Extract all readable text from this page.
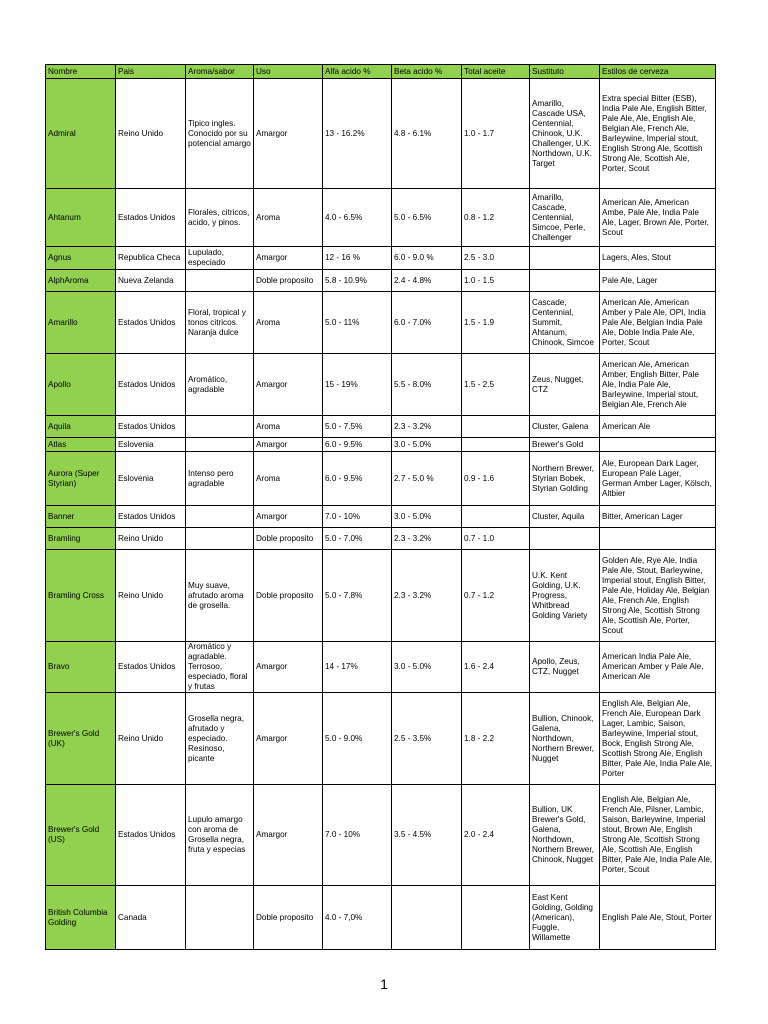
Nombre	Pais	Aroma/sabor	Uso	Alfa acido %	Beta acido %	Total aceite	Sustituto	Estilos de cerveza
Admiral	Reino Unido	Tipico ingles. Conocido por su potencial amargo	Amargor	13 - 16.2%	4.8 - 6.1%	1.0 - 1.7	Amarillo, Cascade USA, Centennial, Chinook, U.K. Challenger, U.K. Northdown, U.K. Target	Extra special Bitter (ESB), India Pale Ale, English Bitter, Pale Ale, Ale, English Ale, Belgian Ale, French Ale, Barleywine, Imperial stout, English Strong Ale, Scottish Strong Ale, Scottish Ale, Porter, Scout
Ahtanum	Estados Unidos	Florales, citricos, acido, y pinos.	Aroma	4.0 - 6.5%	5.0 - 6.5%	0.8 - 1.2	Amarillo, Cascade, Centennial, Simcoe, Perle, Challenger	American Ale, American Ambe, Pale Ale, India Pale Ale, Lager, Brown Ale, Porter, Scout
Agnus	Republica Checa	Lupulado, especiado	Amargor	12 - 16 %	6.0 - 9.0 %	2.5 - 3.0		Lagers, Ales, Stout
AlphAroma	Nueva Zelanda		Doble proposito	5.8 - 10.9%	2.4 - 4.8%	1.0 - 1.5		Pale Ale, Lager
Amarillo	Estados Unidos	Floral, tropical y tonos citricos. Naranja dulce	Aroma	5.0 - 11%	6.0 - 7.0%	1.5 - 1.9	Cascade, Centennial, Summit, Ahtanum, Chinook, Simcoe	American Ale, American Amber y Pale Ale, OPI, India Pale Ale, Belgian India Pale Ale, Doble India Pale Ale, Porter, Scout
Apollo	Estados Unidos	Aromático, agradable	Amargor	15 - 19%	5.5 - 8.0%	1.5 - 2.5	Zeus, Nugget, CTZ	American Ale, American Amber, English Bitter, Pale Ale, India Pale Ale, Barleywine, Imperial stout, Belgian Ale, French Ale
Aquila	Estados Unidos		Aroma	5.0 - 7.5%	2.3 - 3.2%		Cluster, Galena	American Ale
Atlas	Eslovenia		Amargor	6.0 - 9.5%	3.0 - 5.0%		Brewer's Gold	
Aurora (Super Styrian)	Eslovenia	Intenso pero agradable	Aroma	6.0 - 9.5%	2.7 - 5.0 %	0.9 - 1.6	Northern Brewer, Styrian Bobek, Styrian Golding	Ale, European Dark Lager, European Pale Lager, German Amber Lager, Kölsch, Altbier
Banner	Estados Unidos		Amargor	7.0 - 10%	3.0 - 5.0%		Cluster, Aquila	Bitter, American Lager
Bramling	Reino Unido		Doble proposito	5.0 - 7.0%	2.3 - 3.2%	0.7 - 1.0		
Bramling Cross	Reino Unido	Muy suave, afrutado aroma de grosella.	Doble proposito	5.0 - 7.8%	2.3 - 3.2%	0.7 - 1.2	U.K. Kent Golding, U.K. Progress, Whitbread Golding Variety	Golden Ale, Rye Ale, India Pale Ale, Stout, Barleywine, Imperial stout, English Bitter, Pale Ale, Holiday Ale, Belgian Ale, French Ale, English Strong Ale, Scottish Strong Ale, Scottish Ale, Porter, Scout
Bravo	Estados Unidos	Aromático y agradable. Terrosoo, especiado, floral y frutas	Amargor	14 - 17%	3.0 - 5.0%	1.6 - 2.4	Apollo, Zeus, CTZ, Nugget	American India Pale Ale, American Amber y Pale Ale, American Ale
Brewer's Gold (UK)	Reino Unido	Grosella negra, afrutado y especiado. Resinoso, picante	Amargor	5.0 - 9.0%	2.5 - 3.5%	1.8 - 2.2	Bullion, Chinook, Galena, Northdown, Northern Brewer, Nugget	English Ale, Belgian Ale, French Ale, European Dark Lager, Lambic, Saison, Barleywine, Imperial stout, Bock, English Strong Ale, Scottish Strong Ale, English Bitter, Pale Ale, India Pale Ale, Porter
Brewer's Gold (US)	Estados Unidos	Lupulo amargo con aroma de Grosella negra, fruta y especias	Amargor	7.0 - 10%	3.5 - 4.5%	2.0 - 2.4	Bullion, UK Brewer's Gold, Galena, Northdown, Northern Brewer, Chinook, Nugget	English Ale, Belgian Ale, French Ale, Pilsner, Lambic, Saison, Barleywine, Imperial stout, Brown Ale, English Strong Ale, Scottish Strong Ale, Scottish Ale, English Bitter, Pale Ale, India Pale Ale, Porter, Scout
British Columbia Golding	Canada		Doble proposito	4.0 - 7,0%			East Kent Golding, Golding (American), Fuggle, Willamette	English Pale Ale, Stout, Porter
1
